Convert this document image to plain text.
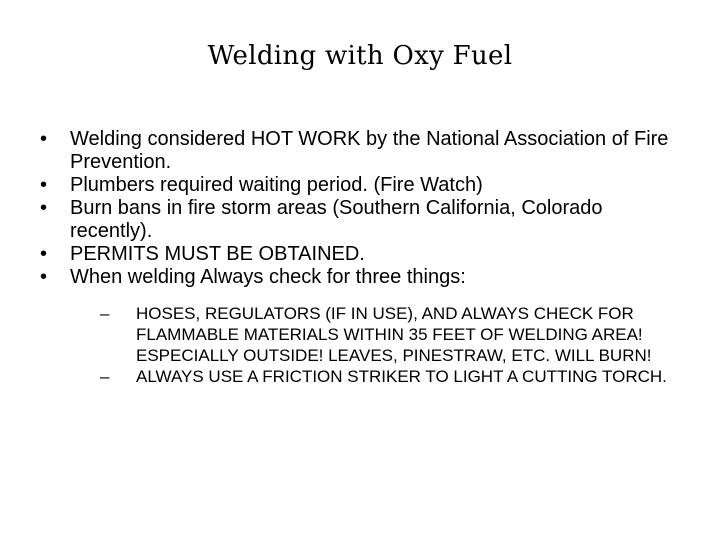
Welding with Oxy Fuel
•	Welding considered HOT WORK by the National Association of Fire Prevention.
•	Plumbers required waiting period. (Fire Watch)
•	Burn bans in fire storm areas (Southern California, Colorado recently).
•	PERMITS MUST BE OBTAINED.
•	When welding Always check for three things:
– HOSES, REGULATORS (IF IN USE), AND ALWAYS CHECK FOR FLAMMABLE MATERIALS WITHIN 35 FEET OF WELDING AREA! ESPECIALLY OUTSIDE! LEAVES, PINESTRAW, ETC. WILL BURN!
– ALWAYS USE A FRICTION STRIKER TO LIGHT A CUTTING TORCH.
